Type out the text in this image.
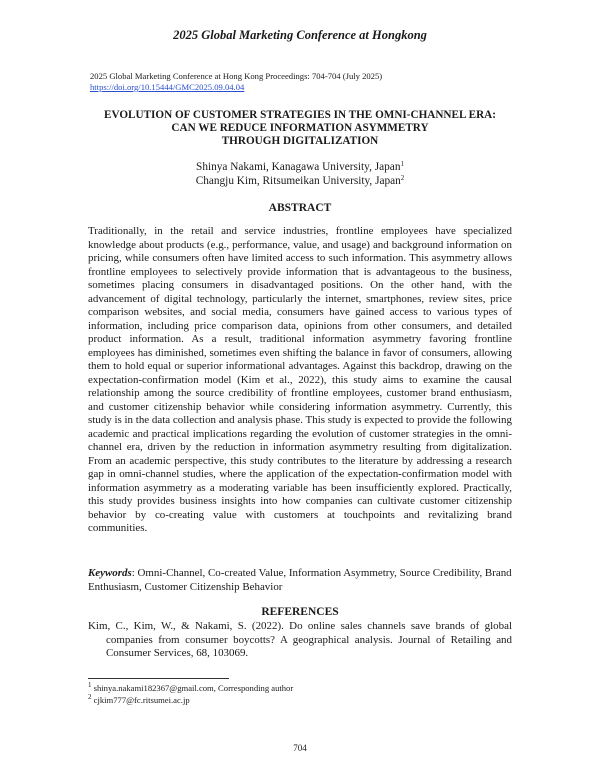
2025 Global Marketing Conference at Hongkong
2025 Global Marketing Conference at Hong Kong Proceedings: 704-704 (July 2025)
https://doi.org/10.15444/GMC2025.09.04.04
EVOLUTION OF CUSTOMER STRATEGIES IN THE OMNI-CHANNEL ERA:
CAN WE REDUCE INFORMATION ASYMMETRY
THROUGH DIGITALIZATION
Shinya Nakami, Kanagawa University, Japan$^1$
Changju Kim, Ritsumeikan University, Japan$^2$
ABSTRACT

Traditionally, in the retail and service industries, frontline employees have specialized knowledge about products (e.g., performance, value, and usage) and background information on pricing, while consumers often have limited access to such information. This asymmetry allows frontline employees to selectively provide information that is advantageous to the business, sometimes placing consumers in disadvantaged positions. On the other hand, with the advancement of digital technology, particularly the internet, smartphones, review sites, price comparison websites, and social media, consumers have gained access to various types of information, including price comparison data, opinions from other consumers, and detailed product information. As a result, traditional information asymmetry favoring frontline employees has diminished, sometimes even shifting the balance in favor of consumers, allowing them to hold equal or superior informational advantages. Against this backdrop, drawing on the expectation-confirmation model (Kim et al., 2022), this study aims to examine the causal relationship among the source credibility of frontline employees, customer brand enthusiasm, and customer citizenship behavior while considering information asymmetry. Currently, this study is in the data collection and analysis phase. This study is expected to provide the following academic and practical implications regarding the evolution of customer strategies in the omni-channel era, driven by the reduction in information asymmetry resulting from digitalization. From an academic perspective, this study contributes to the literature by addressing a research gap in omni-channel studies, where the application of the expectation-confirmation model with information asymmetry as a moderating variable has been insufficiently explored. Practically, this study provides business insights into how companies can cultivate customer citizenship behavior by co-creating value with customers at touchpoints and revitalizing brand communities.

Keywords: Omni-Channel, Co-created Value, Information Asymmetry, Source Credibility, Brand Enthusiasm, Customer Citizenship Behavior

REFERENCES

Kim, C., Kim, W., & Nakami, S. (2022). Do online sales channels save brands of global companies from consumer boycotts? A geographical analysis. Journal of Retailing and Consumer Services, 68, 103069.

$^1$ shinya.nakami182367@gmail.com, Corresponding author
$^2$ cjkim777@fc.ritsumei.ac.jp
704
